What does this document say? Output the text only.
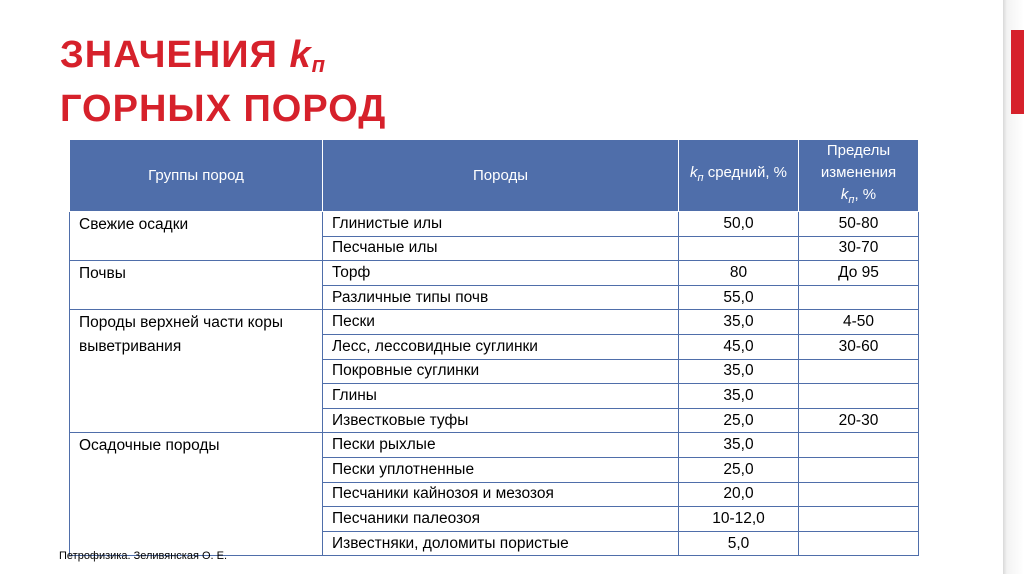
ЗНАЧЕНИЯ $k_п$
ГОРНЫХ ПОРОД
Группы пород	Породы	$k_п$ средний, %	Пределы изменения
$k_п$, %
Свежие осадки	Глинистые илы	50,0	50-80
	Песчаные илы		30-70
Почвы	Торф	80	До 95
	Различные типы почв	55,0	
Породы верхней части коры выветривания	Пески	35,0	4-50
	Лесс, лессовидные суглинки	45,0	30-60
	Покровные суглинки	35,0	
	Глины	35,0	
	Известковые туфы	25,0	20-30
Осадочные породы	Пески рыхлые	35,0	
	Пески уплотненные	25,0	
	Песчаники кайнозоя и мезозоя	20,0	
	Песчаники палеозоя	10-12,0	
	Известняки, доломиты пористые	5,0	
Петрофизика. Зеливянская О. Е.
